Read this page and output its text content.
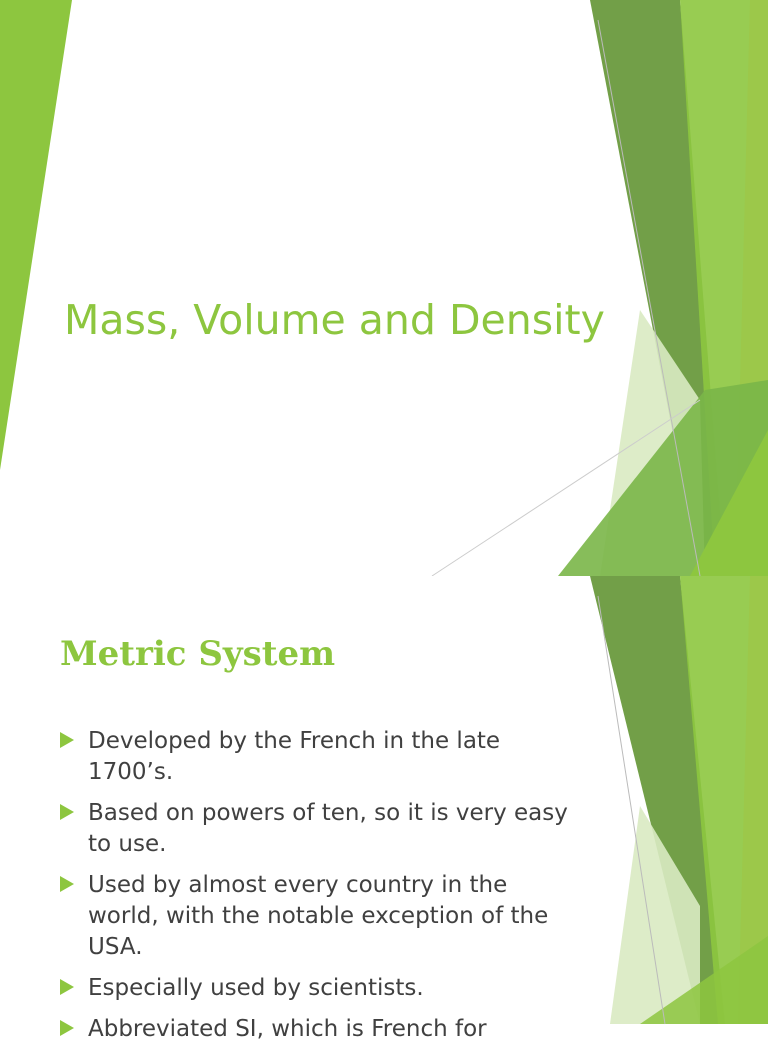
Mass, Volume and Density
Metric System
Developed by the French in the late 1700’s.
Based on powers of ten, so it is very easy to use.
Used by almost every country in the world, with the notable exception of the USA.
Especially used by scientists.
Abbreviated SI, which is French for
